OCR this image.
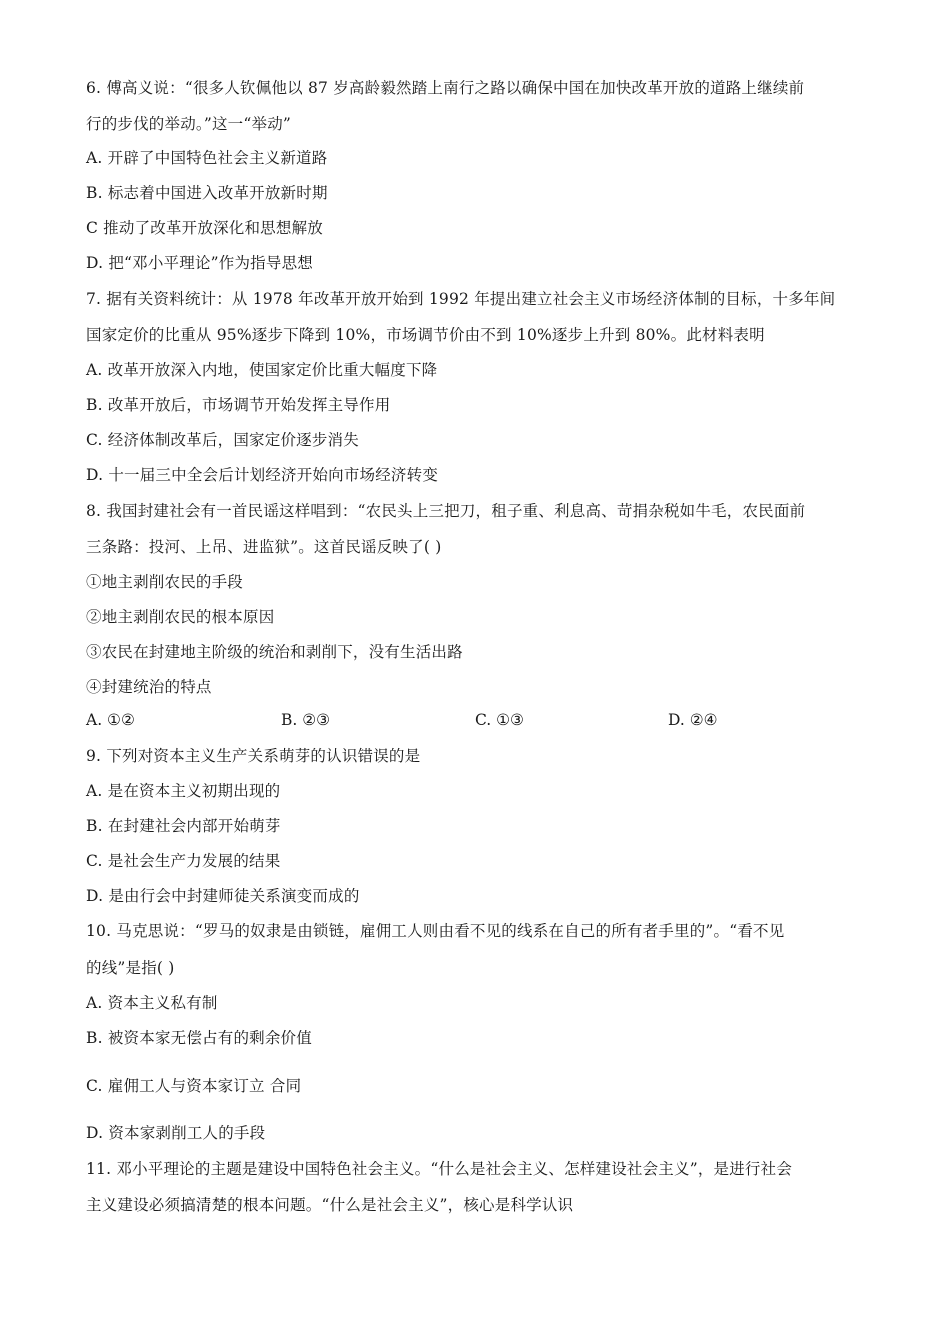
6. 傅高义说：“很多人钦佩他以 87 岁高龄毅然踏上南行之路以确保中国在加快改革开放的道路上继续前
行的步伐的举动。”这一“举动”
A. 开辟了中国特色社会主义新道路
B. 标志着中国进入改革开放新时期
C 推动了改革开放深化和思想解放
D. 把“邓小平理论”作为指导思想
7. 据有关资料统计：从 1978 年改革开放开始到 1992 年提出建立社会主义市场经济体制的目标，十多年间
国家定价的比重从 95%逐步下降到 10%，市场调节价由不到 10%逐步上升到 80%。此材料表明
A. 改革开放深入内地，使国家定价比重大幅度下降
B. 改革开放后，市场调节开始发挥主导作用
C. 经济体制改革后，国家定价逐步消失
D. 十一届三中全会后计划经济开始向市场经济转变
8. 我国封建社会有一首民谣这样唱到：“农民头上三把刀，租子重、利息高、苛捐杂税如牛毛，农民面前
三条路：投河、上吊、进监狱”。这首民谣反映了( )
①地主剥削农民的手段
②地主剥削农民的根本原因
③农民在封建地主阶级的统治和剥削下，没有生活出路
④封建统治的特点
A. ①②	B. ②③	C. ①③	D. ②④
9. 下列对资本主义生产关系萌芽的认识错误的是
A. 是在资本主义初期出现的
B. 在封建社会内部开始萌芽
C. 是社会生产力发展的结果
D. 是由行会中封建师徒关系演变而成的
10. 马克思说：“罗马的奴隶是由锁链，雇佣工人则由看不见的线系在自己的所有者手里的”。“看不见
的线”是指( )
A. 资本主义私有制
B. 被资本家无偿占有的剩余价值
C. 雇佣工人与资本家订立 合同
D. 资本家剥削工人的手段
11. 邓小平理论的主题是建设中国特色社会主义。“什么是社会主义、怎样建设社会主义”，是进行社会
主义建设必须搞清楚的根本问题。“什么是社会主义”，核心是科学认识
